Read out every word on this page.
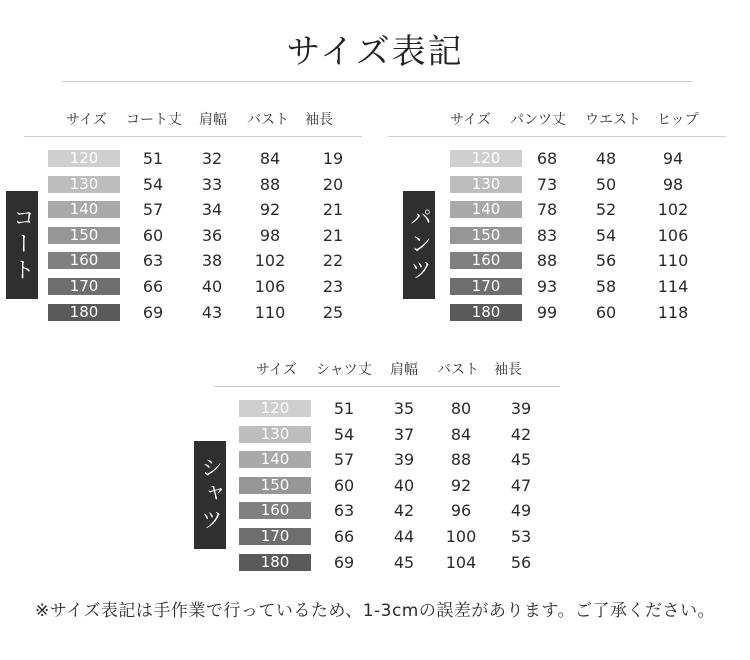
サイズ表記
コート
サイズ コート丈 肩幅 バスト 袖長
120	51	32	84	19
130	54	33	88	20
140	57	34	92	21
150	60	36	98	21
160	63	38	102	22
170	66	40	106	23
180	69	43	110	25
パンツ
サイズ パンツ丈 ウエスト ヒップ
120	68	48	94
130	73	50	98
140	78	52	102
150	83	54	106
160	88	56	110
170	93	58	114
180	99	60	118
シャツ
サイズ シャツ丈 肩幅 バスト 袖長
120	51	35	80	39
130	54	37	84	42
140	57	39	88	45
150	60	40	92	47
160	63	42	96	49
170	66	44	100	53
180	69	45	104	56
※サイズ表記は手作業で行っているため、1-3cmの誤差があります。ご了承ください。
